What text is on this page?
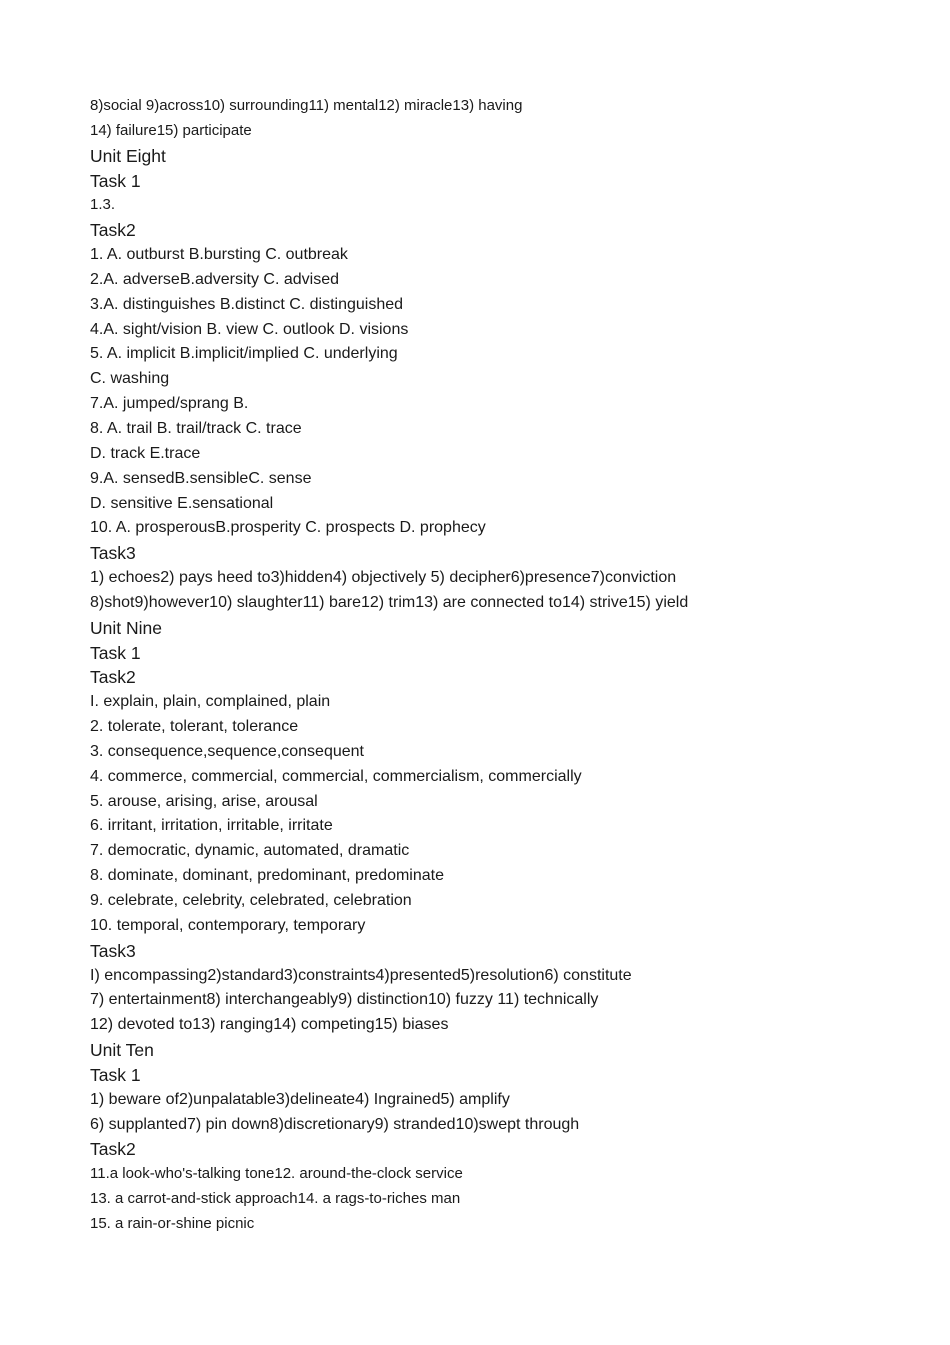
8)social 9)across10) surrounding11) mental12) miracle13) having
14) failure15) participate
Unit Eight
Task 1
1.3.
Task2
1. A. outburst B.bursting C. outbreak
2.A. adverseB.adversity C. advised
3.A. distinguishes B.distinct C. distinguished
4.A. sight/vision B. view C. outlook D. visions
5. A. implicit B.implicit/implied C. underlying
C. washing
7.A. jumped/sprang B.
8. A. trail B. trail/track C. trace
D. track E.trace
9.A. sensedB.sensibleC. sense
D. sensitive E.sensational
10. A. prosperousB.prosperity C. prospects D. prophecy
Task3
1) echoes2) pays heed to3)hidden4) objectively 5) decipher6)presence7)conviction
8)shot9)however10) slaughter11) bare12) trim13) are connected to14) strive15) yield
Unit Nine
Task 1
Task2
I. explain, plain, complained, plain
2. tolerate, tolerant, tolerance
3. consequence,sequence,consequent
4. commerce, commercial, commercial, commercialism, commercially
5. arouse, arising, arise, arousal
6. irritant, irritation, irritable, irritate
7. democratic, dynamic, automated, dramatic
8. dominate, dominant, predominant, predominate
9. celebrate, celebrity, celebrated, celebration
10. temporal, contemporary, temporary
Task3
I) encompassing2)standard3)constraints4)presented5)resolution6) constitute
7) entertainment8) interchangeably9) distinction10) fuzzy 11) technically
12) devoted to13) ranging14) competing15) biases
Unit Ten
Task 1
1) beware of2)unpalatable3)delineate4) Ingrained5) amplify
6) supplanted7) pin down8)discretionary9) stranded10)swept through
Task2
11.a look-who's-talking tone12. around-the-clock service
13. a carrot-and-stick approach14. a rags-to-riches man
15. a rain-or-shine picnic
